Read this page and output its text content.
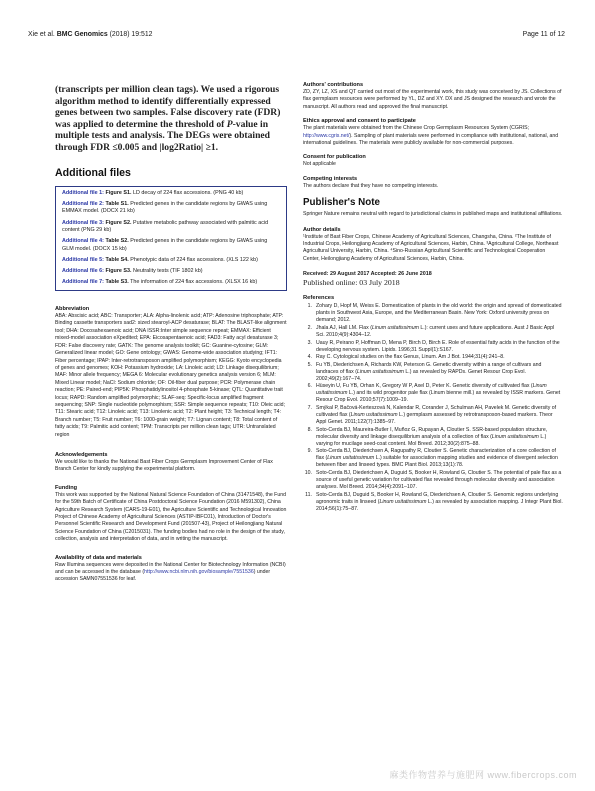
Xie et al. BMC Genomics (2018) 19:512	Page 11 of 12

(transcripts per million clean tags). We used a rigorous algorithm method to identify differentially expressed genes between two samples. False discovery rate (FDR) was applied to determine the threshold of P-value in multiple tests and analysis. The DEGs were obtained through FDR ≤0.005 and |log2Ratio| ≥1.

Additional files
Additional file 1: Figure S1. LD decay of 224 flax accessions. (PNG 40 kb)
Additional file 2: Table S1. Predicted genes in the candidate regions by GWAS using EMMAX model. (DOCX 21 kb)
Additional file 3: Figure S2. Putative metabolic pathway associated with palmitic acid content (PNG 29 kb)
Additional file 4: Table S2. Predicted genes in the candidate regions by GWAS using GLM model. (DOCX 15 kb)
Additional file 5: Table S4. Phenotypic data of 224 flax accessions. (XLS 122 kb)
Additional file 6: Figure S3. Neutrality tests (TIF 1802 kb)
Additional file 7: Table S3. The information of 224 flax accessions. (XLSX 16 kb)
Abbreviation

ABA: Abscisic acid; ABC: Transporter; ALA: Alpha-linolenic acid; ATP: Adenosine triphosphate; ATP: Binding cassette transporters sad2: sized stearoyl-ACP desaturase; BLAT: The BLAST-like alignment tool; DHA: Docosahexaenoic acid; DNA ISSR:Inter simple sequence repeat; EMMAX: Efficient mixed-model association eXpedited; EPA: Eicosapentaenoic acid; FAD3: Fatty acyl desaturase 3; FDR: False discovery rate; GATK: The genome analysis toolkit; GC: Guanine-cytosine; GLM: Generalized linear model; GO: Gene ontology; GWAS: Genome-wide association studying; IFT1: Fiber percentage; IPAP: Inter-retrotransposon amplified polymorphism; KEGG: Kyoto encyclopedia of genes and genomes; KOH: Potassium hydroxide; LA: Linoleic acid; LD: Linkage disequilibrium; MAF: Minor allele frequency; MEGA 6: Molecular evolutionary genetics analysis version 6; MLM: Mixed Linear model; NaCl: Sodium chloride; OF: Oil-fiber dual purpose; PCR: Polymerase chain reaction; PE: Paired-end; PIP5K: Phosphatidylinositol 4-phosphate 5-kinase; QTL: Quantitative trait locus; RAPD: Random amplified polymorphic; SLAF-seq: Specific-locus amplified fragment sequencing; SNP: Single nucleotide polymorphism; SSR: Simple sequence repeats; T10: Oleic acid; T11: Stearic acid; T12: Linoleic acid; T13: Linolenic acid; T2: Plant height; T3: Technical length; T4: Branch number; T5: Fruit number; T6: 1000-grain weight; T7: Lignan content; T8: Total content of fatty acids; T9: Palmitic acid content; TPM: Transcripts per million clean tags; UTR: Untranslated region

Acknowledgements

We would like to thanks the National Bast Fiber Crops Germplasm Improvement Center of Flax Branch Center for kindly supplying the experimental platform.

Funding

This work was supported by the National Natural Science Foundation of China (31471548), the Fund for the 59th Batch of Certificate of China Postdoctoral Science Foundation (2016 M591302), China Agriculture Research System (CARS-19-E01), the Agriculture Scientific and Technological Innovation Project of Chinese Academy of Agricultural Sciences (ASTIP-IBFC01), Introduction of Doctor's Personnel Scientific Research and Development Fund (201507-43), Project of Heilongjiang Natural Science Foundation of China (C2015031). The funding bodies had no role in the design of the study, collection, analysis and interpretation of data, and in writing the manuscript.

Availability of data and materials

Raw Illumina sequences were deposited in the National Center for Biotechnology Information (NCBI) and can be accessed in the database (http://www.ncbi.nlm.nih.gov/biosample/7551536) under accession SAMN07551536 for leaf.

Authors' contributions

ZD, ZY, LZ, XS and QT carried out most of the experimental work, this study was conceived by JS. Collections of flax germplasm resources were performed by YL, DZ and XY. DX and JS designed the research and wrote the manuscript. All authors read and approved the final manuscript.

Ethics approval and consent to participate

The plant materials were obtained from the Chinese Crop Germplasm Resources System (CGRIS; http://www.cgris.net/). Sampling of plant materials were performed in compliance with institutional, national, and international guidelines. The materials were publicly available for non-commercial purposes.

Consent for publication

Not applicable

Competing interests

The authors declare that they have no competing interests.

Publisher's Note

Springer Nature remains neutral with regard to jurisdictional claims in published maps and institutional affiliations.

Author details

¹Institute of Bast Fiber Crops, Chinese Academy of Agricultural Sciences, Changsha, China. ²The Institute of Industrial Crops, Heilongjiang Academy of Agricultural Sciences, Harbin, China. ³Agricultural College, Northeast Agricultural University, Harbin, China. ⁴Sino-Russian Agricultural Scientific and Technological Cooperation Center, Heilongjiang Academy of Agricultural Sciences, Harbin, China.

Received: 29 August 2017 Accepted: 26 June 2018
Published online: 03 July 2018
References
1. Zohary D, Hopf M, Weiss E. Domestication of plants in the old world: the origin and spread of domesticated plants in Southwest Asia, Europe, and the Mediterranean Basin. New York: Oxford university press on demand; 2012.
2. Jhala AJ, Hall LM. Flax (Linum usitatissimum L.): current uses and future applications. Aust J Basic Appl Sci. 2010;4(9):4304–12.
3. Uauy R, Peirano P, Hoffman D, Mena P, Birch D, Birch E. Role of essential fatty acids in the function of the developing nervous system. Lipids. 1996;31 Suppl(1):S167.
4. Ray C. Cytological studies on the flax Genus, Linum. Am J Bot. 1944;31(4):241–8.
5. Fu YB, Diederichsen A, Richards KW, Peterson G. Genetic diversity within a range of cultivars and landraces of flax (Linum usitatissimum L.) as revealed by RAPDs. Genet Resour Crop Evol. 2002;49(2):167–74.
6. Hüseyin U, Fu YB, Orhan K, Gregory W P, Axel D, Peter K. Genetic diversity of cultivated flax (Linum usitatissimum L.) and its wild progenitor pale flax (Linum bienne mill.) as revealed by ISSR markers. Genet Resour Crop Evol. 2010;57(7):1009–19.
7. Smýkal P, Bačová-Kerteszová N, Kalendar R, Corander J, Schulman AH, Pavelek M. Genetic diversity of cultivated flax (Linum usitatissimum L.) germplasm assessed by retrotransposon-based markers. Theor Appl Genet. 2011;122(7):1385–97.
8. Soto-Cerda BJ, Maureira-Butler I, Muñoz G, Rupayan A, Cloutier S. SSR-based population structure, molecular diversity and linkage disequilibrium analysis of a collection of flax (Linum usitatissimum L.) varying for mucilage seed-coat content. Mol Breed. 2012;30(2):875–88.
9. Soto-Cerda BJ, Diederichsen A, Ragupathy R, Cloutier S. Genetic characterization of a core collection of flax (Linum usitatissimum L.) suitable for association mapping studies and evidence of divergent selection between fiber and linseed types. BMC Plant Biol. 2013;13(1):78.
10. Soto-Cerda BJ, Diederichsen A, Duguid S, Booker H, Rowland G, Cloutier S. The potential of pale flax as a source of useful genetic variation for cultivated flax revealed through molecular diversity and association analyses. Mol Breed. 2014;34(4):2091–107.
11. Soto-Cerda BJ, Duguid S, Booker H, Rowland G, Diederichsen A, Cloutier S. Genomic regions underlying agronomic traits in linseed (Linum usitatissimum L.) as revealed by association mapping. J Integr Plant Biol. 2014;56(1):75–87.
麻类作物营养与施肥网 www.fibercrops.com
